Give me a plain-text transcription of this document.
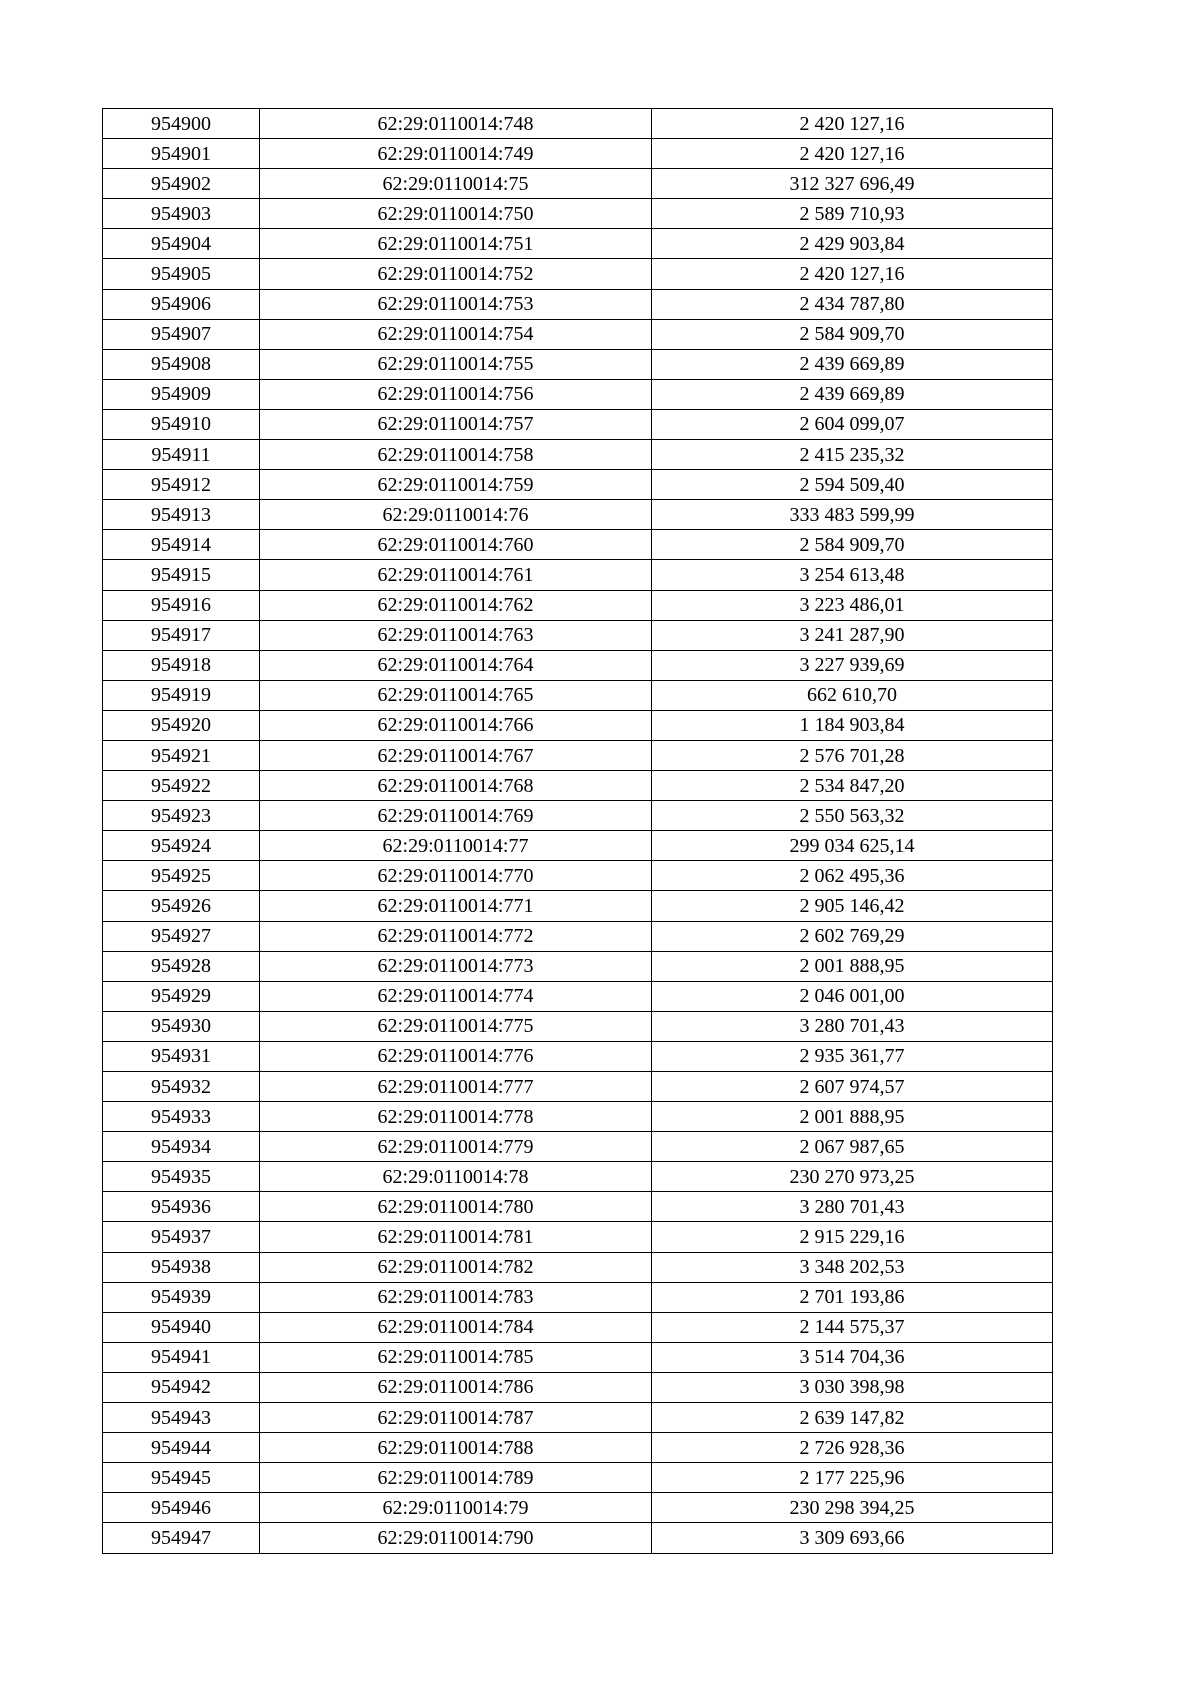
954900	62:29:0110014:748	2 420 127,16
954901	62:29:0110014:749	2 420 127,16
954902	62:29:0110014:75	312 327 696,49
954903	62:29:0110014:750	2 589 710,93
954904	62:29:0110014:751	2 429 903,84
954905	62:29:0110014:752	2 420 127,16
954906	62:29:0110014:753	2 434 787,80
954907	62:29:0110014:754	2 584 909,70
954908	62:29:0110014:755	2 439 669,89
954909	62:29:0110014:756	2 439 669,89
954910	62:29:0110014:757	2 604 099,07
954911	62:29:0110014:758	2 415 235,32
954912	62:29:0110014:759	2 594 509,40
954913	62:29:0110014:76	333 483 599,99
954914	62:29:0110014:760	2 584 909,70
954915	62:29:0110014:761	3 254 613,48
954916	62:29:0110014:762	3 223 486,01
954917	62:29:0110014:763	3 241 287,90
954918	62:29:0110014:764	3 227 939,69
954919	62:29:0110014:765	662 610,70
954920	62:29:0110014:766	1 184 903,84
954921	62:29:0110014:767	2 576 701,28
954922	62:29:0110014:768	2 534 847,20
954923	62:29:0110014:769	2 550 563,32
954924	62:29:0110014:77	299 034 625,14
954925	62:29:0110014:770	2 062 495,36
954926	62:29:0110014:771	2 905 146,42
954927	62:29:0110014:772	2 602 769,29
954928	62:29:0110014:773	2 001 888,95
954929	62:29:0110014:774	2 046 001,00
954930	62:29:0110014:775	3 280 701,43
954931	62:29:0110014:776	2 935 361,77
954932	62:29:0110014:777	2 607 974,57
954933	62:29:0110014:778	2 001 888,95
954934	62:29:0110014:779	2 067 987,65
954935	62:29:0110014:78	230 270 973,25
954936	62:29:0110014:780	3 280 701,43
954937	62:29:0110014:781	2 915 229,16
954938	62:29:0110014:782	3 348 202,53
954939	62:29:0110014:783	2 701 193,86
954940	62:29:0110014:784	2 144 575,37
954941	62:29:0110014:785	3 514 704,36
954942	62:29:0110014:786	3 030 398,98
954943	62:29:0110014:787	2 639 147,82
954944	62:29:0110014:788	2 726 928,36
954945	62:29:0110014:789	2 177 225,96
954946	62:29:0110014:79	230 298 394,25
954947	62:29:0110014:790	3 309 693,66
